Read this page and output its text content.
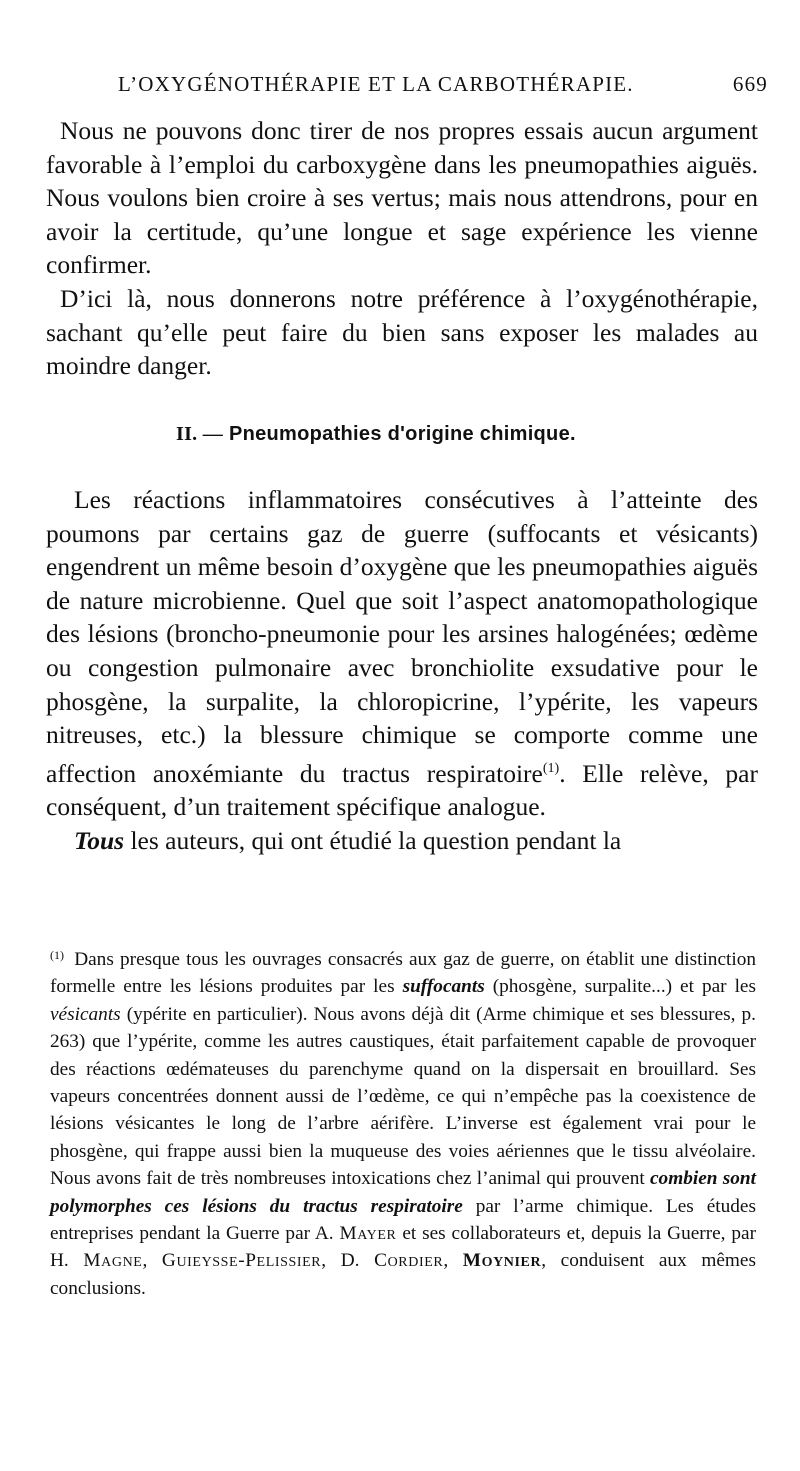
L’OXYGÉNOTHÉRAPIE ET LA CARBOTHÉRAPIE.	669

Nous ne pouvons donc tirer de nos propres essais aucun argument favorable à l’emploi du carboxygène dans les pneumopathies aiguës. Nous voulons bien croire à ses vertus; mais nous attendrons, pour en avoir la certitude, qu’une longue et sage expérience les vienne confirmer.

D’ici là, nous donnerons notre préférence à l’oxygénothérapie, sachant qu’elle peut faire du bien sans exposer les malades au moindre danger.

II. — Pneumopathies d'origine chimique.

Les réactions inflammatoires consécutives à l’atteinte des poumons par certains gaz de guerre (suffocants et vésicants) engendrent un même besoin d’oxygène que les pneumopathies aiguës de nature microbienne. Quel que soit l’aspect anatomopathologique des lésions (broncho-pneumonie pour les arsines halogénées; œdème ou congestion pulmonaire avec bronchiolite exsudative pour le phosgène, la surpalite, la chloropicrine, l’ypérite, les vapeurs nitreuses, etc.) la blessure chimique se comporte comme une affection anoxémiante du tractus respiratoire$^{(1)}$. Elle relève, par conséquent, d’un traitement spécifique analogue.

Tous les auteurs, qui ont étudié la question pendant la

$^{(1)}$ Dans presque tous les ouvrages consacrés aux gaz de guerre, on établit une distinction formelle entre les lésions produites par les suffocants (phosgène, surpalite...) et par les vésicants (ypérite en particulier). Nous avons déjà dit (Arme chimique et ses blessures, p. 263) que l’ypérite, comme les autres caustiques, était parfaitement capable de provoquer des réactions œdémateuses du parenchyme quand on la dispersait en brouillard. Ses vapeurs concentrées donnent aussi de l’œdème, ce qui n’empêche pas la coexistence de lésions vésicantes le long de l’arbre aérifère. L’inverse est également vrai pour le phosgène, qui frappe aussi bien la muqueuse des voies aériennes que le tissu alvéolaire. Nous avons fait de très nombreuses intoxications chez l’animal qui prouvent combien sont polymorphes ces lésions du tractus respiratoire par l’arme chimique. Les études entreprises pendant la Guerre par A. Mayer et ses collaborateurs et, depuis la Guerre, par H. Magne, Guieysse-Pelissier, D. Cordier, Moynier, conduisent aux mêmes conclusions.
